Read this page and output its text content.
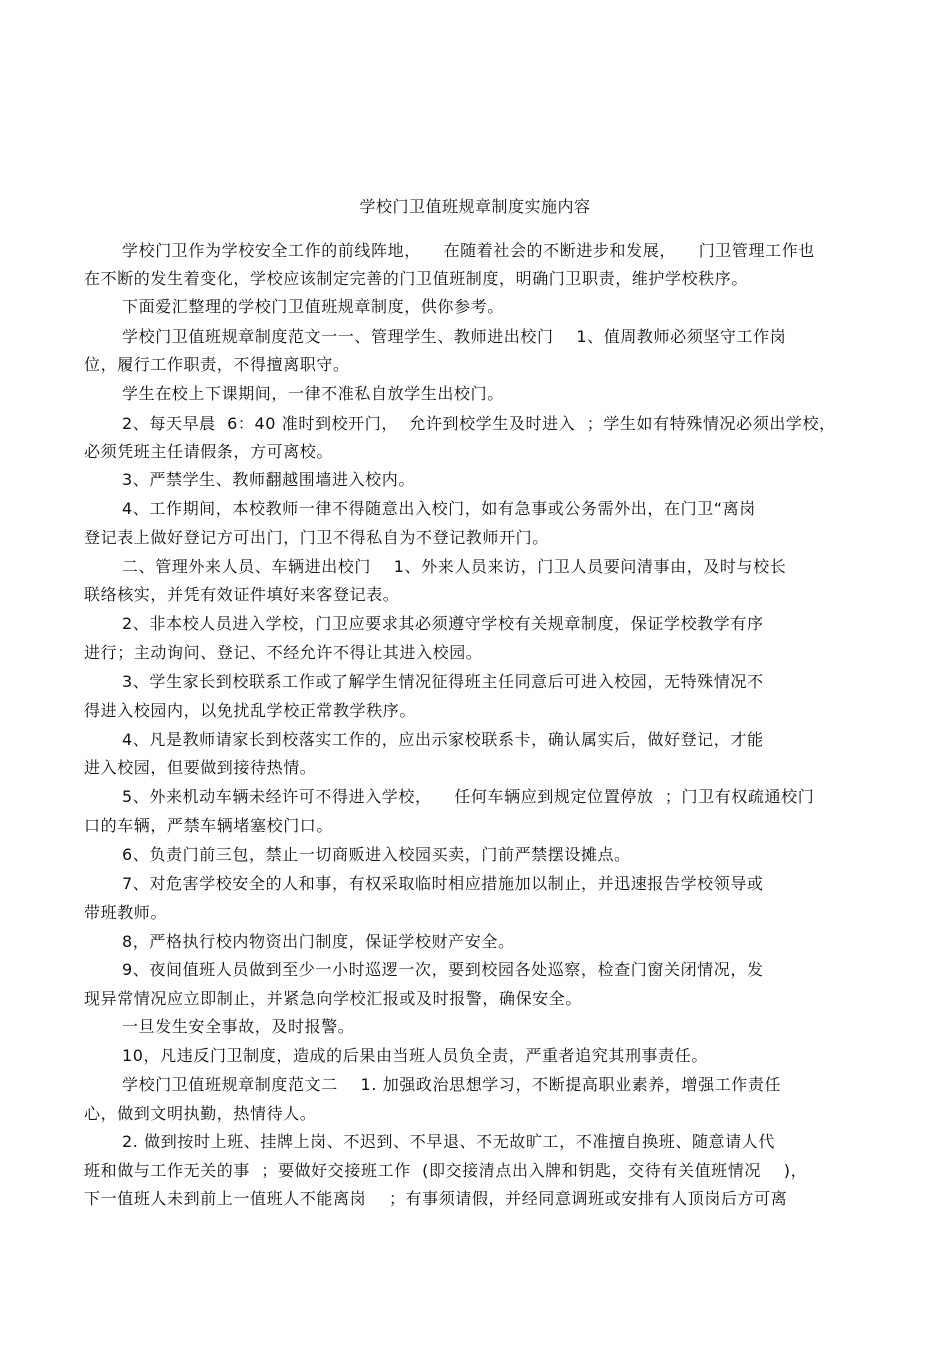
学校门卫值班规章制度实施内容
学校门卫作为学校安全工作的前线阵地，    在随着社会的不断进步和发展，    门卫管理工作也
在不断的发生着变化，学校应该制定完善的门卫值班制度，明确门卫职责，维护学校秩序。
下面爱汇整理的学校门卫值班规章制度，供你参考。
学校门卫值班规章制度范文一一、管理学生、教师进出校门    1、值周教师必须坚守工作岗
位，履行工作职责，不得擅离职守。
学生在校上下课期间，一律不准私自放学生出校门。
2、每天早晨  6：40 准时到校开门，  允许到校学生及时进入  ；学生如有特殊情况必须出学校，
必须凭班主任请假条，方可离校。
3、严禁学生、教师翻越围墙进入校内。
4、工作期间，本校教师一律不得随意出入校门，如有急事或公务需外出，在门卫“离岗
登记表上做好登记方可出门，门卫不得私自为不登记教师开门。
二、管理外来人员、车辆进出校门    1、外来人员来访，门卫人员要问清事由，及时与校长
联络核实，并凭有效证件填好来客登记表。
2、非本校人员进入学校，门卫应要求其必须遵守学校有关规章制度，保证学校教学有序
进行；主动询问、登记、不经允许不得让其进入校园。
3、学生家长到校联系工作或了解学生情况征得班主任同意后可进入校园，无特殊情况不
得进入校园内，以免扰乱学校正常教学秩序。
4、凡是教师请家长到校落实工作的，应出示家校联系卡，确认属实后，做好登记，才能
进入校园，但要做到接待热情。
5、外来机动车辆未经许可不得进入学校，    任何车辆应到规定位置停放  ；门卫有权疏通校门
口的车辆，严禁车辆堵塞校门口。
6、负责门前三包，禁止一切商贩进入校园买卖，门前严禁摆设摊点。
7、对危害学校安全的人和事，有权采取临时相应措施加以制止，并迅速报告学校领导或
带班教师。
8，严格执行校内物资出门制度，保证学校财产安全。
9、夜间值班人员做到至少一小时巡逻一次，要到校园各处巡察，检查门窗关闭情况，发
现异常情况应立即制止，并紧急向学校汇报或及时报警，确保安全。
一旦发生安全事故，及时报警。
10，凡违反门卫制度，造成的后果由当班人员负全责，严重者追究其刑事责任。
学校门卫值班规章制度范文二    1. 加强政治思想学习，不断提高职业素养，增强工作责任
心，做到文明执勤，热情待人。
2. 做到按时上班、挂牌上岗、不迟到、不早退、不无故旷工，不准擅自换班、随意请人代
班和做与工作无关的事  ；要做好交接班工作  (即交接清点出入牌和钥匙，交待有关值班情况    )，
下一值班人未到前上一值班人不能离岗    ；有事须请假，并经同意调班或安排有人顶岗后方可离
